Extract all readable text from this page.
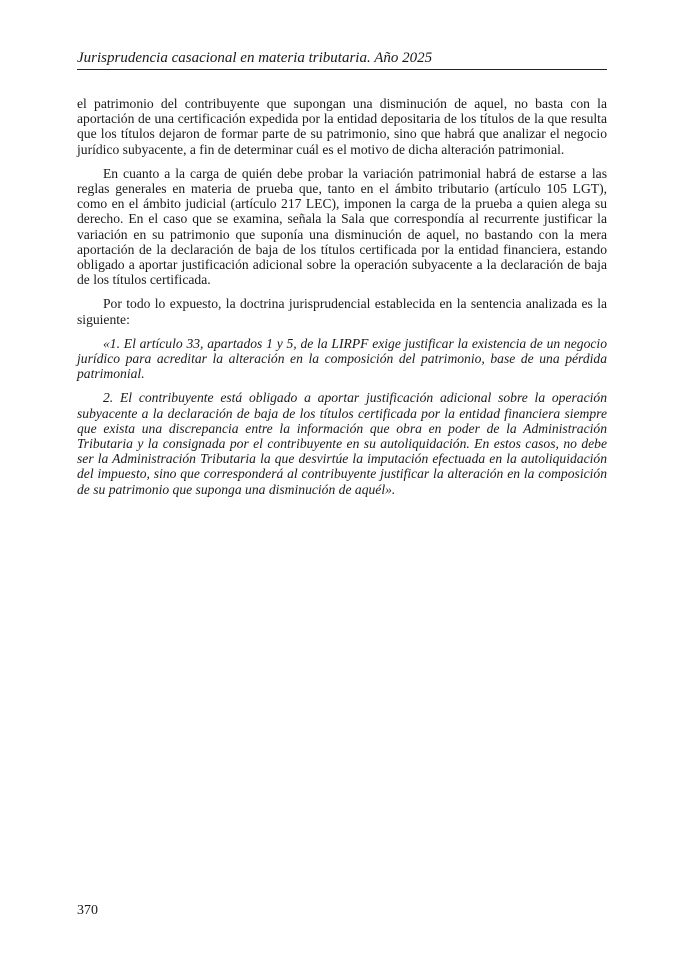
Jurisprudencia casacional en materia tributaria. Año 2025

el patrimonio del contribuyente que supongan una disminución de aquel, no basta con la aportación de una certificación expedida por la entidad depositaria de los títulos de la que resulta que los títulos dejaron de formar parte de su patrimonio, sino que habrá que analizar el negocio jurídico subyacente, a fin de determinar cuál es el motivo de dicha alteración patrimonial.

En cuanto a la carga de quién debe probar la variación patrimonial habrá de estarse a las reglas generales en materia de prueba que, tanto en el ámbito tributario (artículo 105 LGT), como en el ámbito judicial (artículo 217 LEC), imponen la carga de la prueba a quien alega su derecho. En el caso que se examina, señala la Sala que correspondía al recurrente justificar la variación en su patrimonio que suponía una disminución de aquel, no bastando con la mera aportación de la declaración de baja de los títulos certificada por la entidad financiera, estando obligado a aportar justificación adicional sobre la operación subyacente a la declaración de baja de los títulos certificada.

Por todo lo expuesto, la doctrina jurisprudencial establecida en la sentencia analizada es la siguiente:

«1. El artículo 33, apartados 1 y 5, de la LIRPF exige justificar la existencia de un negocio jurídico para acreditar la alteración en la composición del patrimonio, base de una pérdida patrimonial.

2. El contribuyente está obligado a aportar justificación adicional sobre la operación subyacente a la declaración de baja de los títulos certificada por la entidad financiera siempre que exista una discrepancia entre la información que obra en poder de la Administración Tributaria y la consignada por el contribuyente en su autoliquidación. En estos casos, no debe ser la Administración Tributaria la que desvirtúe la imputación efectuada en la autoliquidación del impuesto, sino que corresponderá al contribuyente justificar la alteración en la composición de su patrimonio que suponga una disminución de aquél».

370
